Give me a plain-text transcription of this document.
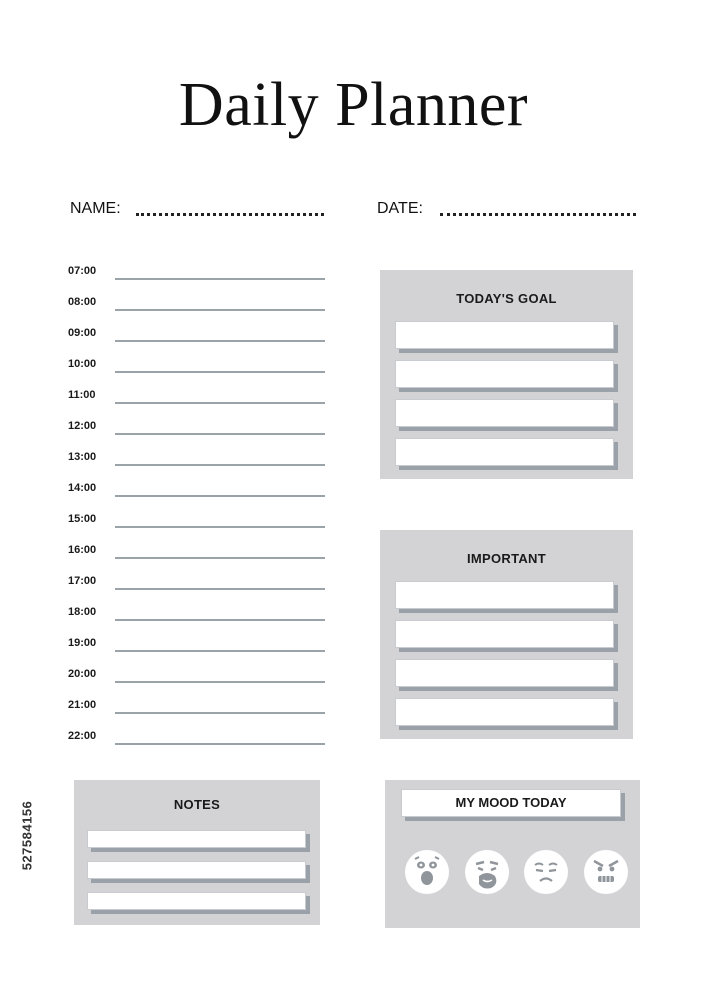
Daily Planner
NAME:	DATE:
07:00
08:00
09:00
10:00
11:00
12:00
13:00
14:00
15:00
16:00
17:00
18:00
19:00
20:00
21:00
22:00
TODAY'S GOAL
IMPORTANT
NOTES	MY MOOD TODAY
527584156
